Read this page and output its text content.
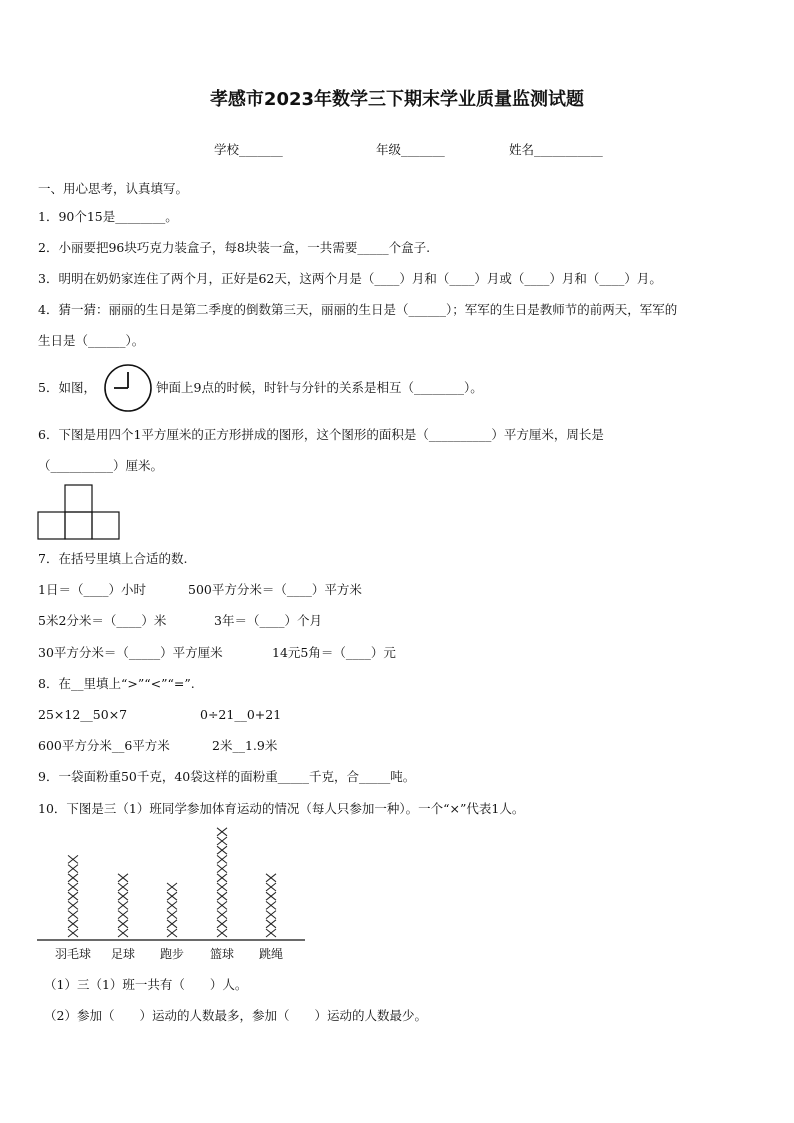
孝感市2023年数学三下期末学业质量监测试题
学校_______	年级_______	姓名___________
一、用心思考，认真填写。
1．90个15是________。
2．小丽要把96块巧克力装盒子，每8块装一盒，一共需要_____个盒子.
3．明明在奶奶家连住了两个月，正好是62天，这两个月是（____）月和（____）月或（____）月和（____）月。
4．猜一猜：丽丽的生日是第二季度的倒数第三天，丽丽的生日是（______）；军军的生日是教师节的前两天，军军的
生日是（______）。
5．如图，	钟面上9点的时候，时针与分针的关系是相互（________）。
6．下图是用四个1平方厘米的正方形拼成的图形，这个图形的面积是（__________）平方厘米，周长是
（__________）厘米。
7．在括号里填上合适的数.
1日＝（____）小时	500平方分米＝（____）平方米
5米2分米＝（____）米	3年＝（____）个月
30平方分米＝（_____）平方厘米	14元5角＝（____）元
8．在__里填上“>”“<”“=”.
25×12__50×7	0÷21__0+21
600平方分米__6平方米	2米__1.9米
9．一袋面粉重50千克，40袋这样的面粉重_____千克，合_____吨。
10．下图是三（1）班同学参加体育运动的情况（每人只参加一种）。一个“×”代表1人。
羽毛球 足球 跑步 篮球 跳绳
（1）三（1）班一共有（　　）人。
（2）参加（　　）运动的人数最多，参加（　　）运动的人数最少。
